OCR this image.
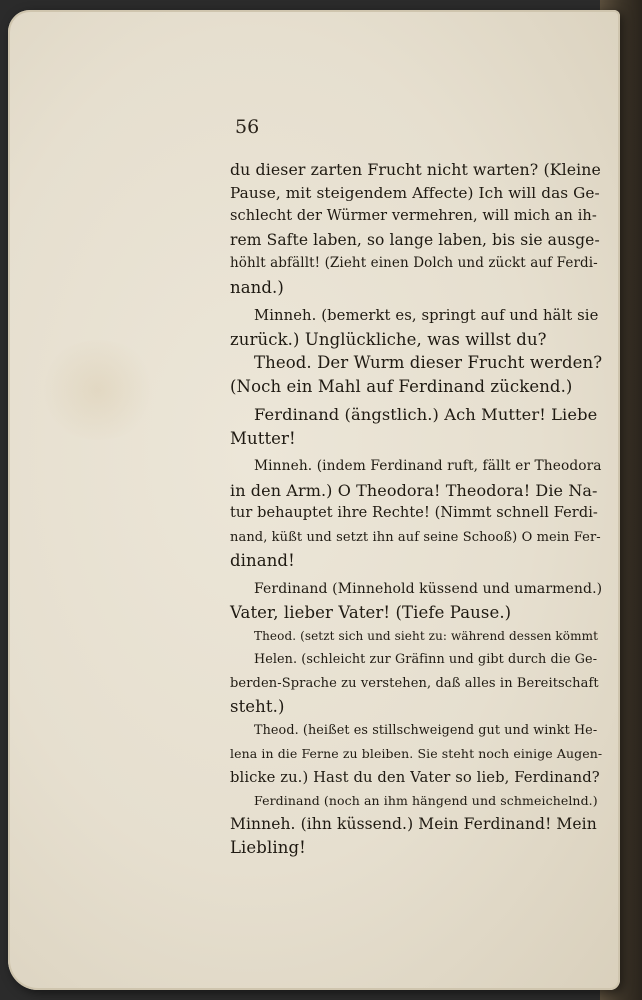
56
du dieser zarten Frucht nicht warten? (Kleine
Pause, mit steigendem Affecte) Ich will das Ge-
schlecht der Würmer vermehren, will mich an ih-
rem Safte laben, so lange laben, bis sie ausge-
höhlt abfällt! (Zieht einen Dolch und zückt auf Ferdi-
nand.)
Minneh. (bemerkt es, springt auf und hält sie
zurück.) Unglückliche, was willst du?
Theod. Der Wurm dieser Frucht werden?
(Noch ein Mahl auf Ferdinand zückend.)
Ferdinand (ängstlich.) Ach Mutter! Liebe
Mutter!
Minneh. (indem Ferdinand ruft, fällt er Theodora
in den Arm.) O Theodora! Theodora! Die Na-
tur behauptet ihre Rechte! (Nimmt schnell Ferdi-
nand, küßt und setzt ihn auf seine Schooß) O mein Fer-
dinand!
Ferdinand (Minnehold küssend und umarmend.)
Vater, lieber Vater! (Tiefe Pause.)
Theod. (setzt sich und sieht zu: während dessen kömmt
Helen. (schleicht zur Gräfinn und gibt durch die Ge-
berden-Sprache zu verstehen, daß alles in Bereitschaft
steht.)
Theod. (heißet es stillschweigend gut und winkt He-
lena in die Ferne zu bleiben. Sie steht noch einige Augen-
blicke zu.) Hast du den Vater so lieb, Ferdinand?
Ferdinand (noch an ihm hängend und schmeichelnd.)
Minneh. (ihn küssend.) Mein Ferdinand! Mein
Liebling!
